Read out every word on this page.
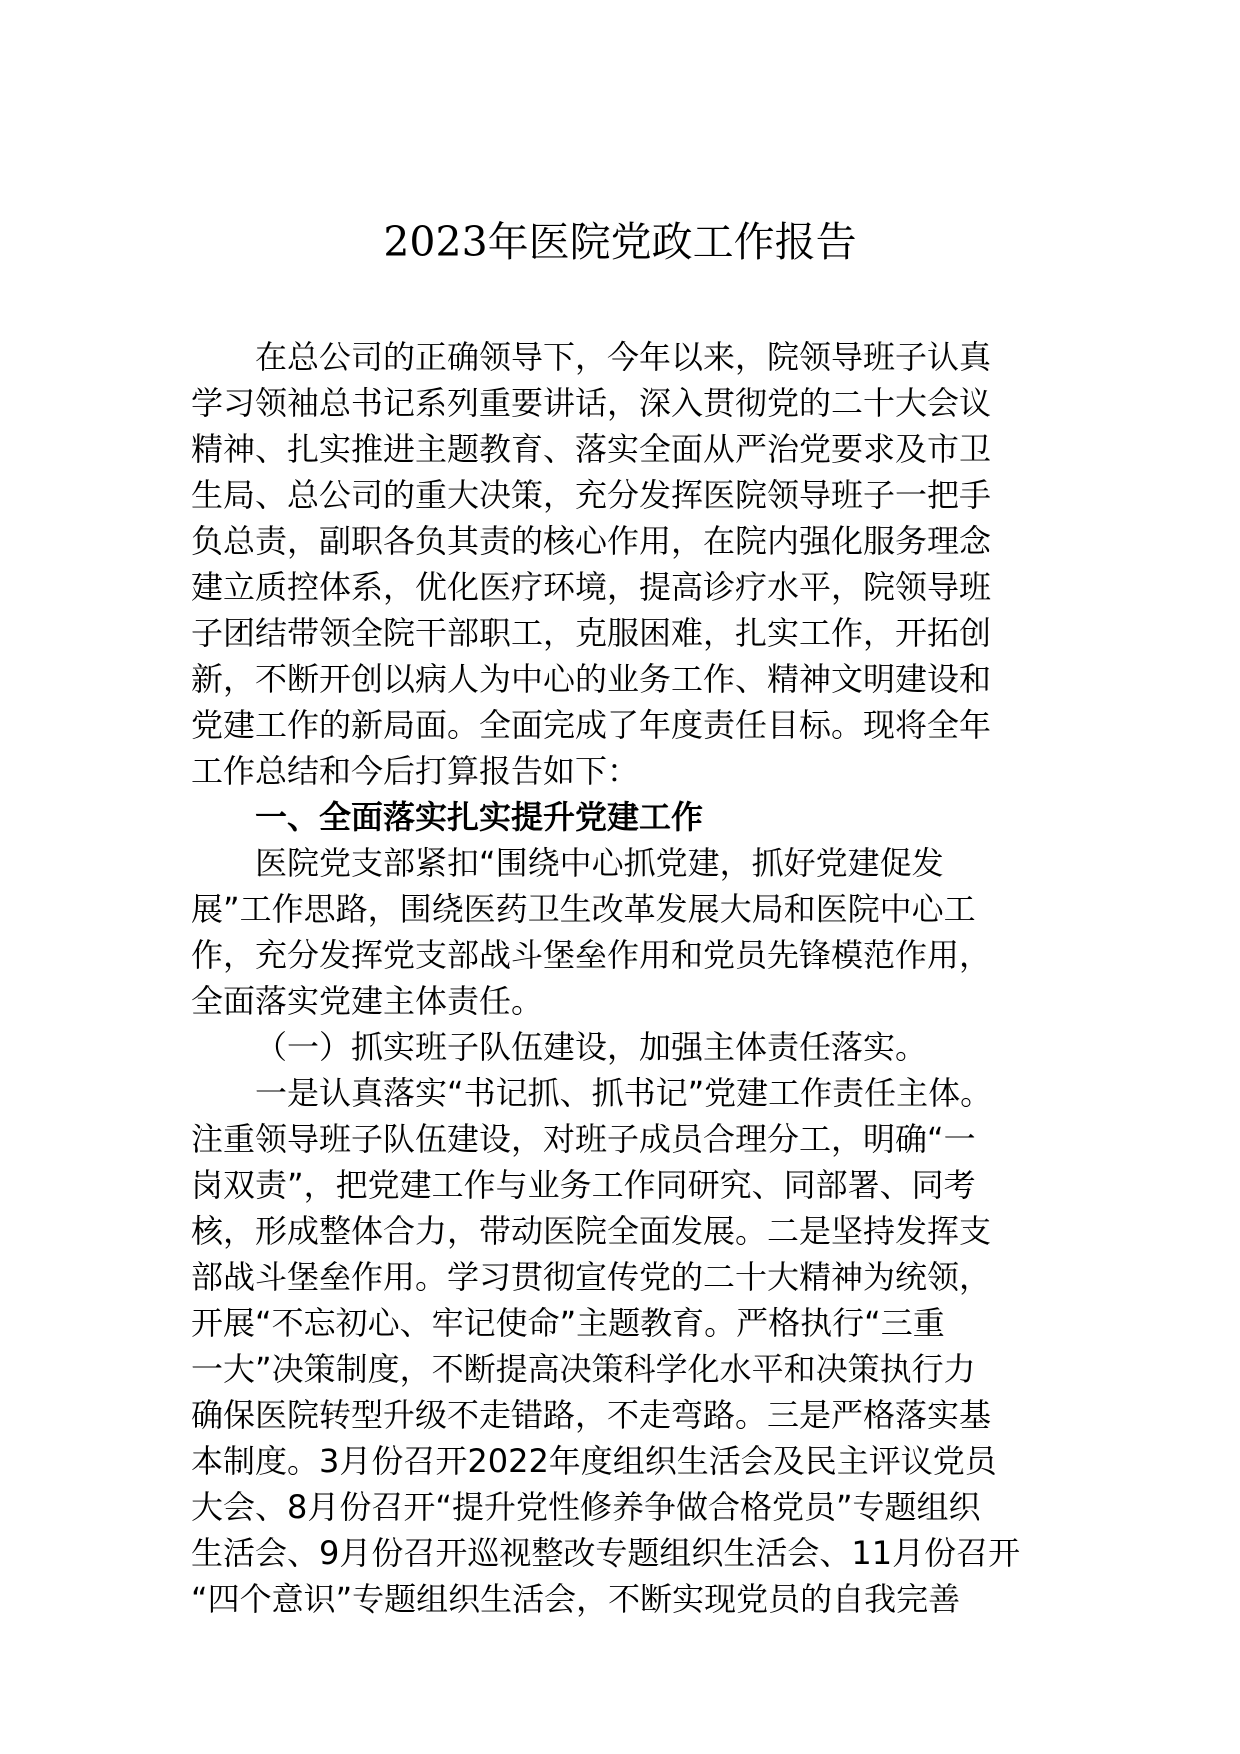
2023年医院党政工作报告
在总公司的正确领导下，今年以来，院领导班子认真
学习领袖总书记系列重要讲话，深入贯彻党的二十大会议
精神、扎实推进主题教育、落实全面从严治党要求及市卫
生局、总公司的重大决策，充分发挥医院领导班子一把手
负总责，副职各负其责的核心作用，在院内强化服务理念
建立质控体系，优化医疗环境，提高诊疗水平，院领导班
子团结带领全院干部职工，克服困难，扎实工作，开拓创
新，不断开创以病人为中心的业务工作、精神文明建设和
党建工作的新局面。全面完成了年度责任目标。现将全年
工作总结和今后打算报告如下：
一、全面落实扎实提升党建工作
医院党支部紧扣“围绕中心抓党建，抓好党建促发
展”工作思路，围绕医药卫生改革发展大局和医院中心工
作，充分发挥党支部战斗堡垒作用和党员先锋模范作用，
全面落实党建主体责任。
（一）抓实班子队伍建设，加强主体责任落实。
一是认真落实“书记抓、抓书记”党建工作责任主体。
注重领导班子队伍建设，对班子成员合理分工，明确“一
岗双责”，把党建工作与业务工作同研究、同部署、同考
核，形成整体合力，带动医院全面发展。二是坚持发挥支
部战斗堡垒作用。学习贯彻宣传党的二十大精神为统领，
开展“不忘初心、牢记使命”主题教育。严格执行“三重
一大”决策制度，不断提高决策科学化水平和决策执行力
确保医院转型升级不走错路，不走弯路。三是严格落实基
本制度。3月份召开2022年度组织生活会及民主评议党员
大会、8月份召开“提升党性修养争做合格党员”专题组织
生活会、9月份召开巡视整改专题组织生活会、11月份召开
“四个意识”专题组织生活会，不断实现党员的自我完善
